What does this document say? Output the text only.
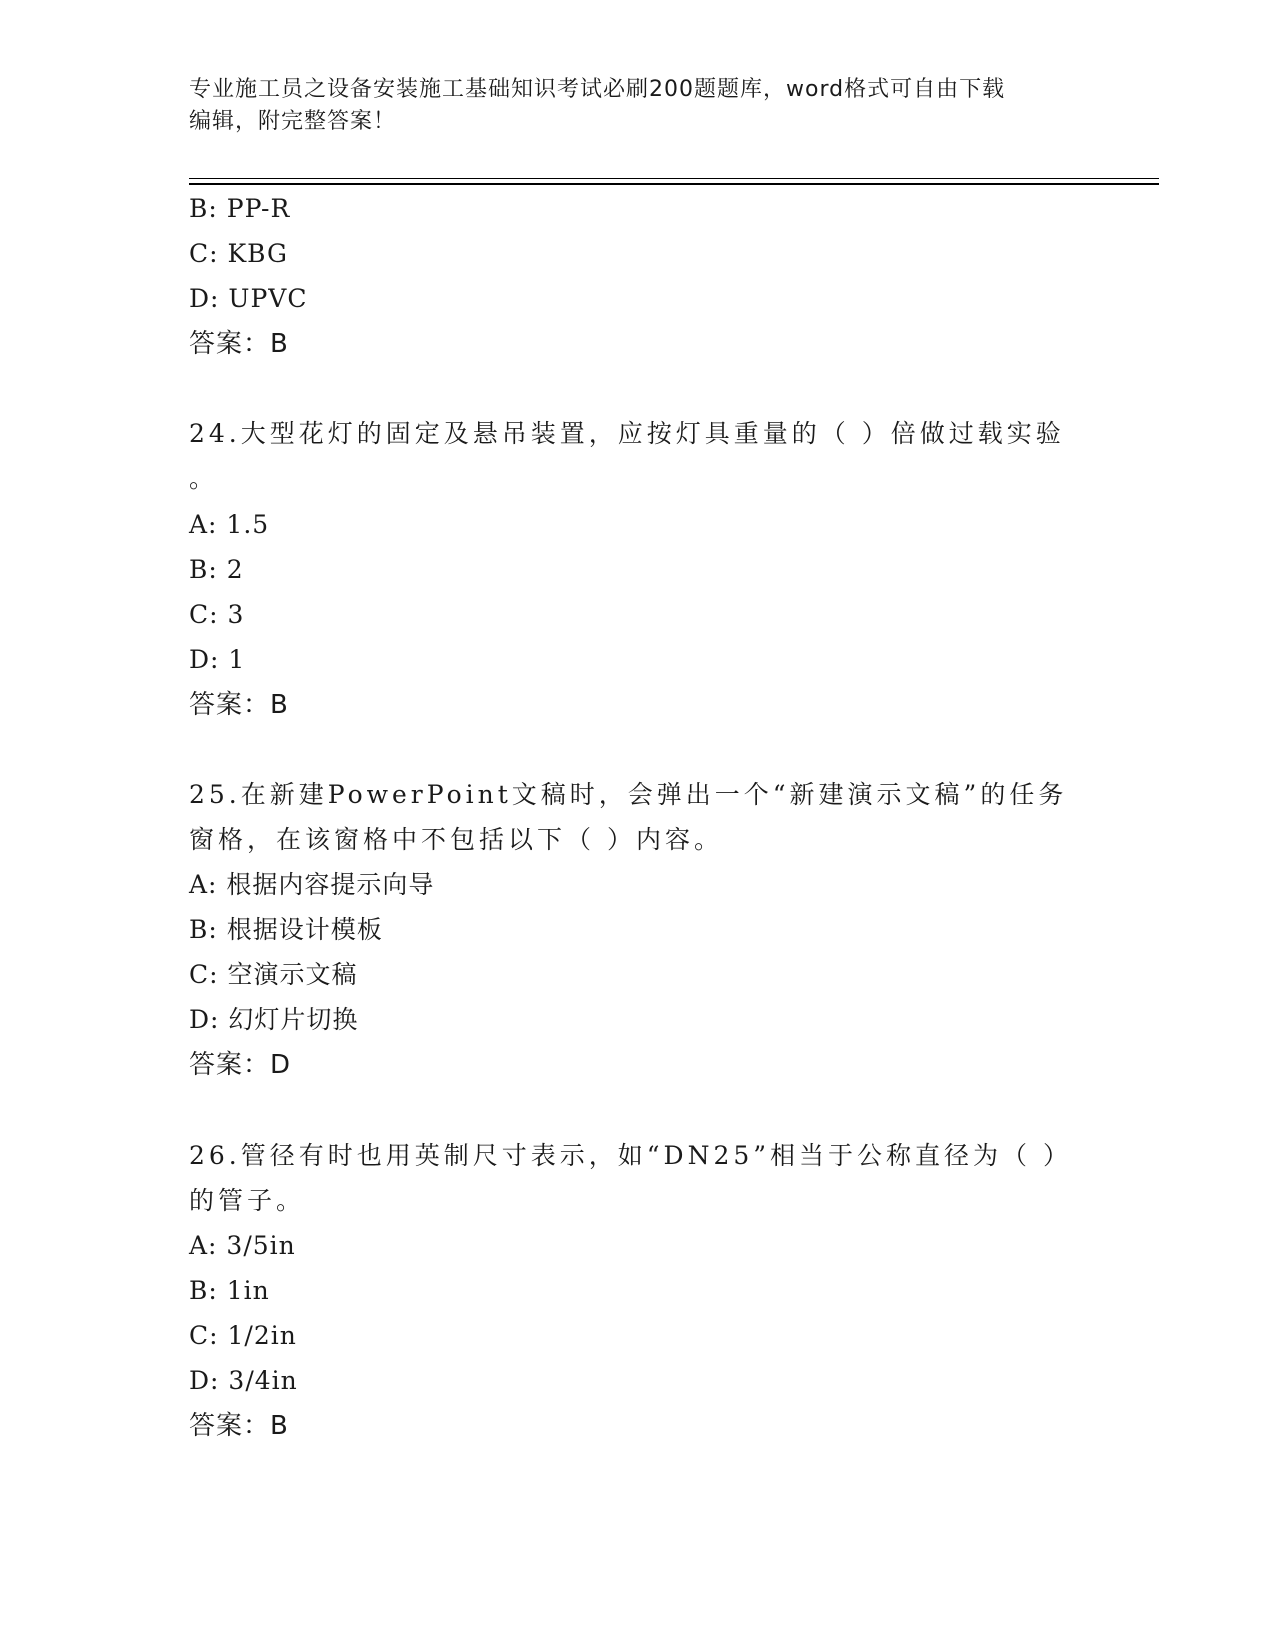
专业施工员之设备安装施工基础知识考试必刷200题题库，word格式可自由下载
编辑，附完整答案！
B: PP-R
C: KBG
D: UPVC
答案：B
24.大型花灯的固定及悬吊装置，应按灯具重量的（ ）倍做过载实验
。
A: 1.5
B: 2
C: 3
D: 1
答案：B
25.在新建PowerPoint文稿时，会弹出一个“新建演示文稿”的任务
窗格，在该窗格中不包括以下（ ）内容。
A: 根据内容提示向导
B: 根据设计模板
C: 空演示文稿
D: 幻灯片切换
答案：D
26.管径有时也用英制尺寸表示，如“DN25”相当于公称直径为（ ）
的管子。
A: 3/5in
B: 1in
C: 1/2in
D: 3/4in
答案：B
